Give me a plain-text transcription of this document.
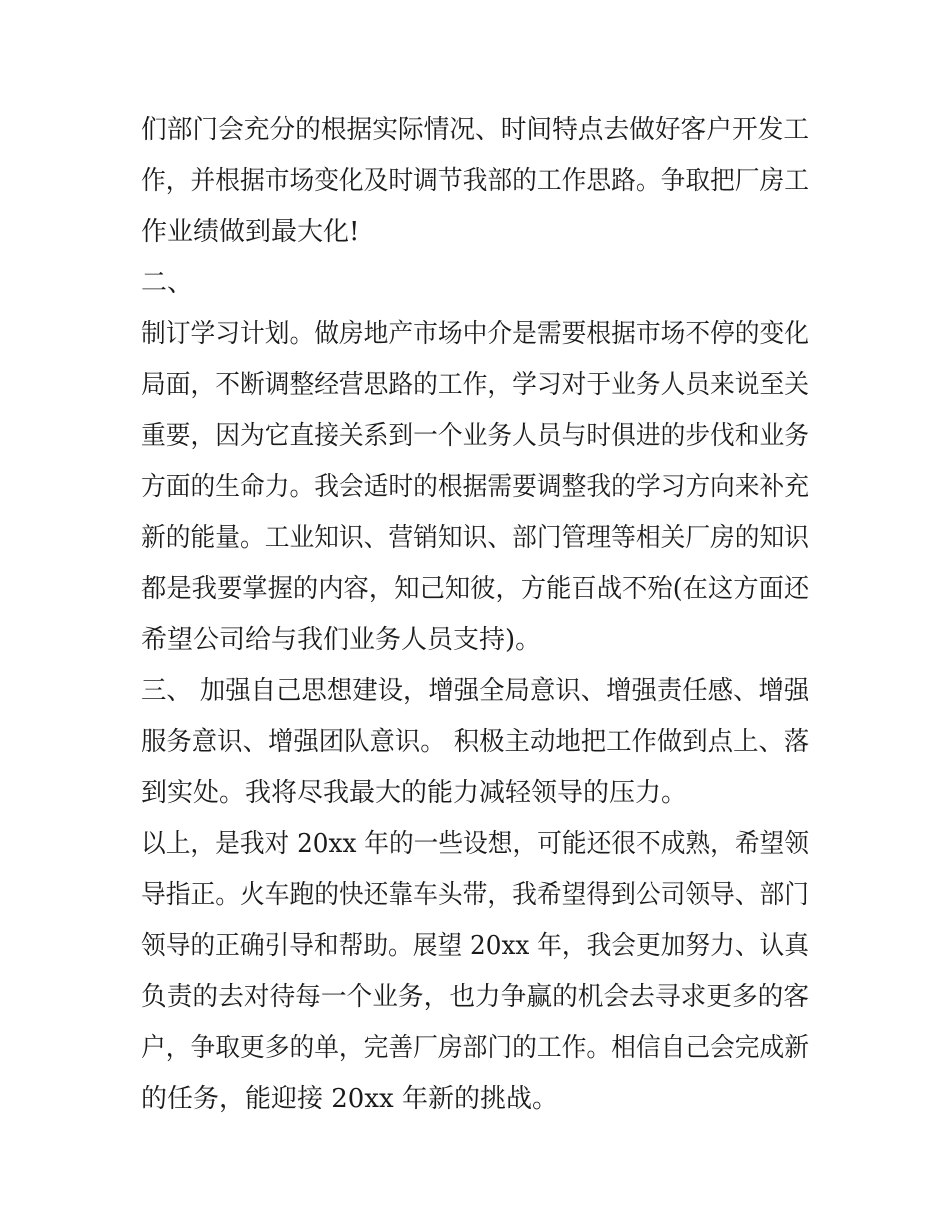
们部门会充分的根据实际情况、时间特点去做好客户开发工
作，并根据市场变化及时调节我部的工作思路。争取把厂房工
作业绩做到最大化!
二、
制订学习计划。做房地产市场中介是需要根据市场不停的变化
局面，不断调整经营思路的工作，学习对于业务人员来说至关
重要，因为它直接关系到一个业务人员与时俱进的步伐和业务
方面的生命力。我会适时的根据需要调整我的学习方向来补充
新的能量。工业知识、营销知识、部门管理等相关厂房的知识
都是我要掌握的内容，知己知彼，方能百战不殆(在这方面还
希望公司给与我们业务人员支持)。
三、 加强自己思想建设，增强全局意识、增强责任感、增强
服务意识、增强团队意识。 积极主动地把工作做到点上、落
到实处。我将尽我最大的能力减轻领导的压力。
以上，是我对 20xx 年的一些设想，可能还很不成熟，希望领
导指正。火车跑的快还靠车头带，我希望得到公司领导、部门
领导的正确引导和帮助。展望 20xx 年，我会更加努力、认真
负责的去对待每一个业务，也力争赢的机会去寻求更多的客
户，争取更多的单，完善厂房部门的工作。相信自己会完成新
的任务，能迎接 20xx 年新的挑战。
